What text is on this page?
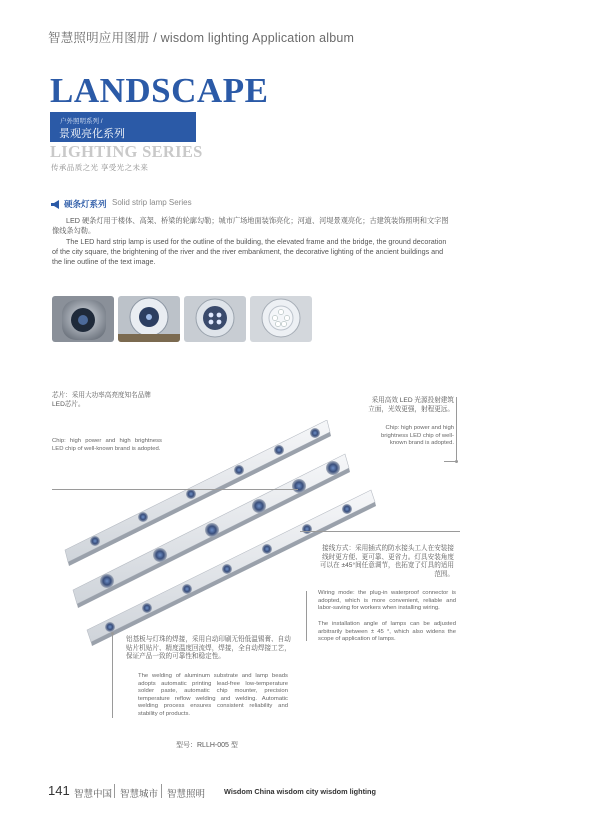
智慧照明应用图册 / wisdom lighting Application album
LANDSCAPE
户外照明系列 /
景观亮化系列
LIGHTING SERIES
传承品质之光 享受光之未来
硬条灯系列 Solid strip lamp Series
LED 硬条灯用于楼体、高架、桥梁的轮廓勾勒；城市广场地面装饰亮化；河道、河堤景观亮化；古建筑装饰照明和文字图像线条勾勒。
The LED hard strip lamp is used for the outline of the building, the elevated frame and the bridge, the ground decoration of the city square, the brightening of the river and the river embankment, the decorative lighting of the ancient buildings and the line outline of the text image.
芯片：采用大功率高亮度知名品牌 LED芯片。
Chip: high power and high brightness LED chip of well-known brand is adopted.
采用高效 LED 光源投射建筑立面，光效更强，射程更远。
Chip: high power and high brightness LED chip of well-known brand is adopted.
接线方式：采用插式的防水接头工人在安装接线时更方便、更可靠、更省力。灯具安装角度可以在 ±45°间任意调节，也拓宽了灯具的适用范围。
Wiring mode: the plug-in waterproof connector is adopted, which is more convenient, reliable and labor-saving for workers when installing wiring.
The installation angle of lamps can be adjusted arbitrarily between ± 45 °, which also widens the scope of application of lamps.
铝基板与灯珠的焊接，采用自动印刷无铅低温锡膏、自动贴片机贴片、精度温度回流焊，焊接，全自动焊接工艺，保证产品一致的可靠性和稳定性。
The welding of aluminum substrate and lamp beads adopts automatic printing lead-free low-temperature solder paste, automatic chip mounter, precision temperature reflow welding and welding. Automatic welding process ensures consistent reliability and stability of products.
型号：RLLH-005 型
141 智慧中国 智慧城市 智慧照明	Wisdom China wisdom city wisdom lighting
